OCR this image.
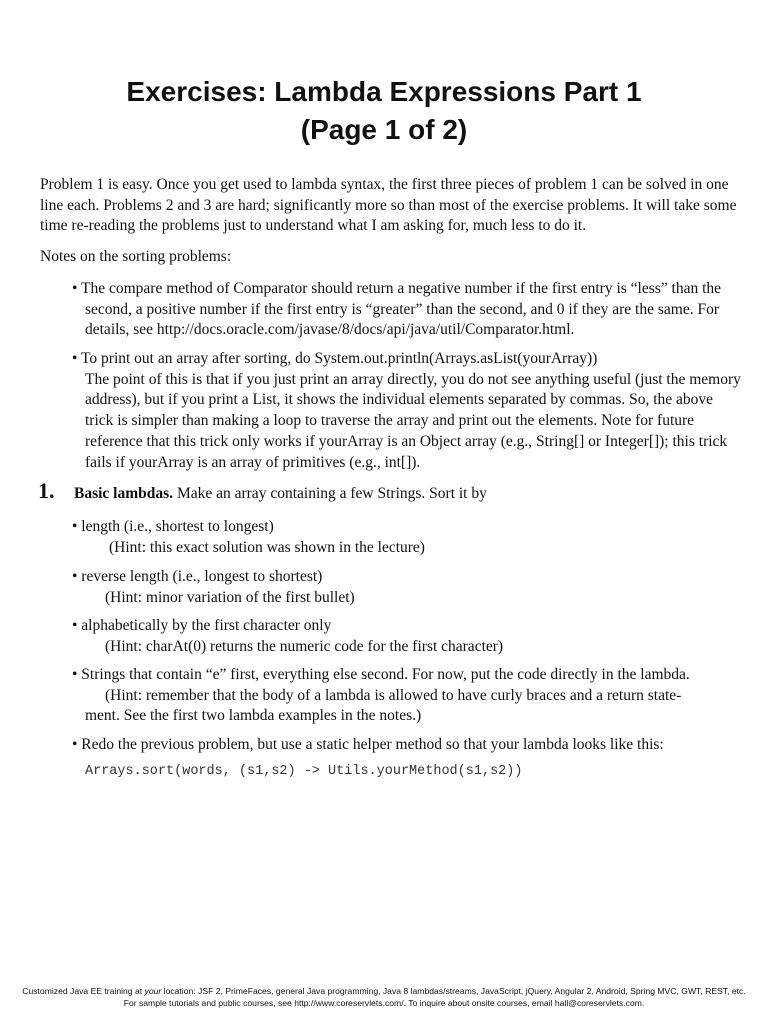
Exercises: Lambda Expressions Part 1
(Page 1 of 2)
Problem 1 is easy. Once you get used to lambda syntax, the first three pieces of problem 1 can be solved in one line each. Problems 2 and 3 are hard; significantly more so than most of the exercise problems. It will take some time re-reading the problems just to understand what I am asking for, much less to do it.
Notes on the sorting problems:
• The compare method of Comparator should return a negative number if the first entry is “less” than the second, a positive number if the first entry is “greater” than the second, and 0 if they are the same. For details, see http://docs.oracle.com/javase/8/docs/api/java/util/Comparator.html.
• To print out an array after sorting, do System.out.println(Arrays.asList(yourArray))
The point of this is that if you just print an array directly, you do not see anything useful (just the memory address), but if you print a List, it shows the individual elements separated by commas. So, the above trick is simpler than making a loop to traverse the array and print out the elements. Note for future reference that this trick only works if yourArray is an Object array (e.g., String[] or Integer[]); this trick fails if yourArray is an array of primitives (e.g., int[]).
1. Basic lambdas. Make an array containing a few Strings. Sort it by
• length (i.e., shortest to longest)
(Hint: this exact solution was shown in the lecture)
• reverse length (i.e., longest to shortest)
(Hint: minor variation of the first bullet)
• alphabetically by the first character only
(Hint: charAt(0) returns the numeric code for the first character)
• Strings that contain “e” first, everything else second. For now, put the code directly in the lambda.
(Hint: remember that the body of a lambda is allowed to have curly braces and a return state-
ment. See the first two lambda examples in the notes.)
• Redo the previous problem, but use a static helper method so that your lambda looks like this:
Arrays.sort(words, (s1,s2) -> Utils.yourMethod(s1,s2))
Customized Java EE training at your location: JSF 2, PrimeFaces, general Java programming, Java 8 lambdas/streams, JavaScript, jQuery, Angular 2, Android, Spring MVC, GWT, REST, etc.
For sample tutorials and public courses, see http://www.coreservlets.com/. To inquire about onsite courses, email hall@coreservlets.com.
